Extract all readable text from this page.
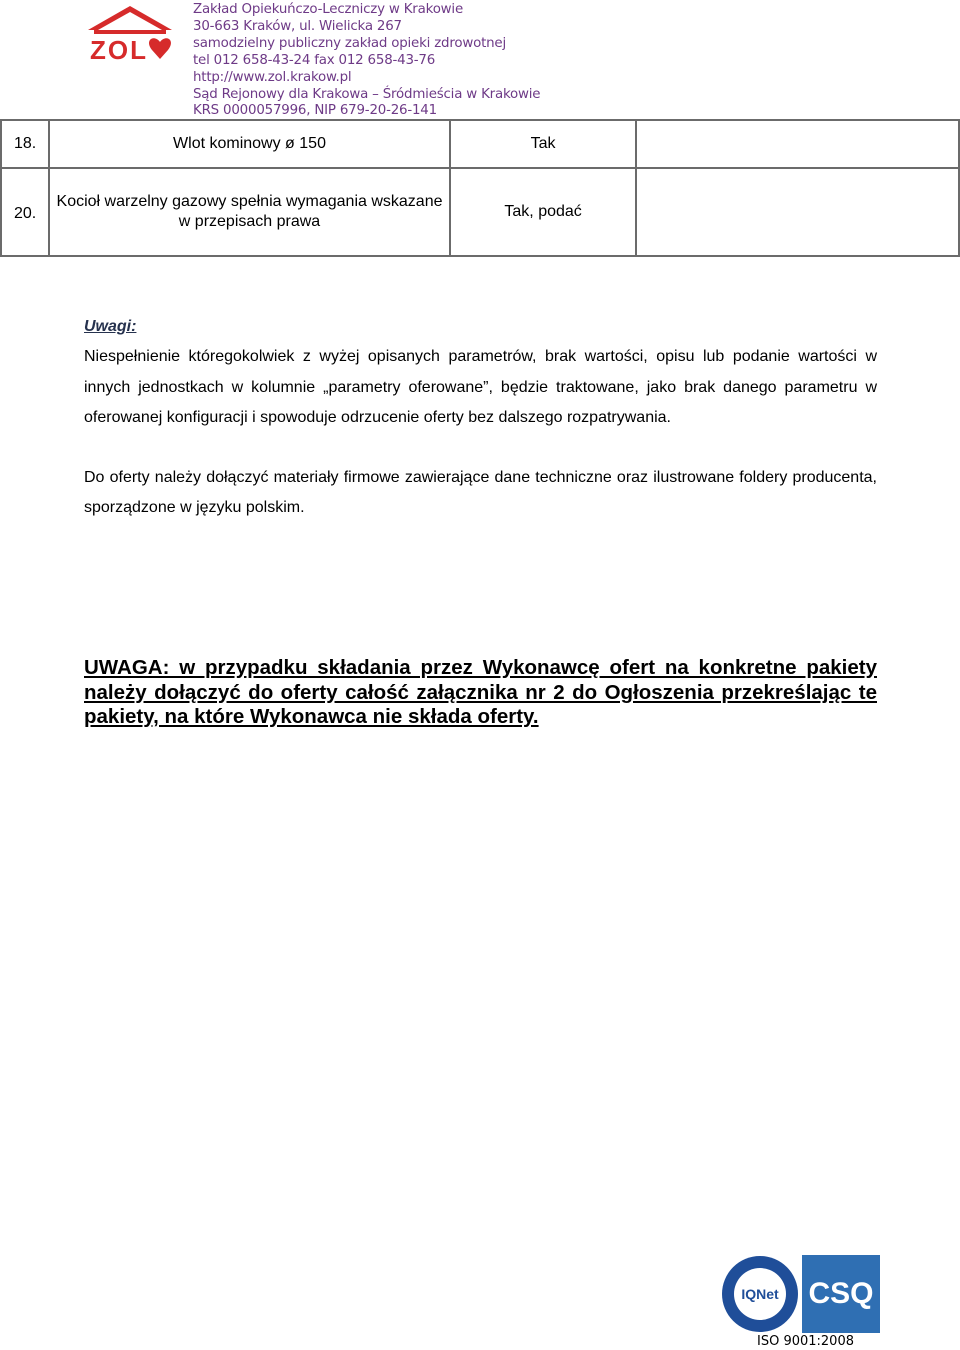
ZOL
Zakład Opiekuńczo-Leczniczy w Krakowie
30-663 Kraków, ul. Wielicka 267
samodzielny publiczny zakład opieki zdrowotnej
tel 012 658-43-24 fax 012 658-43-76
http://www.zol.krakow.pl
Sąd Rejonowy dla Krakowa – Śródmieścia w Krakowie
KRS 0000057996, NIP 679-20-26-141
18.	Wlot kominowy ø 150	Tak	
20.	Kocioł warzelny gazowy spełnia wymagania wskazane w przepisach prawa	Tak, podać	
Uwagi:

Niespełnienie któregokolwiek z wyżej opisanych parametrów, brak wartości, opisu lub podanie wartości w innych jednostkach w kolumnie „parametry oferowane”, będzie traktowane, jako brak danego parametru w oferowanej konfiguracji i spowoduje odrzucenie oferty bez dalszego rozpatrywania.

Do oferty należy dołączyć materiały firmowe zawierające dane techniczne oraz ilustrowane foldery producenta, sporządzone w języku polskim.

UWAGA: w przypadku składania przez Wykonawcę ofert na konkretne pakiety należy dołączyć do oferty całość załącznika nr 2 do Ogłoszenia przekreślając te pakiety, na które Wykonawca nie składa oferty.
IQNet CSQ
ISO 9001:2008
